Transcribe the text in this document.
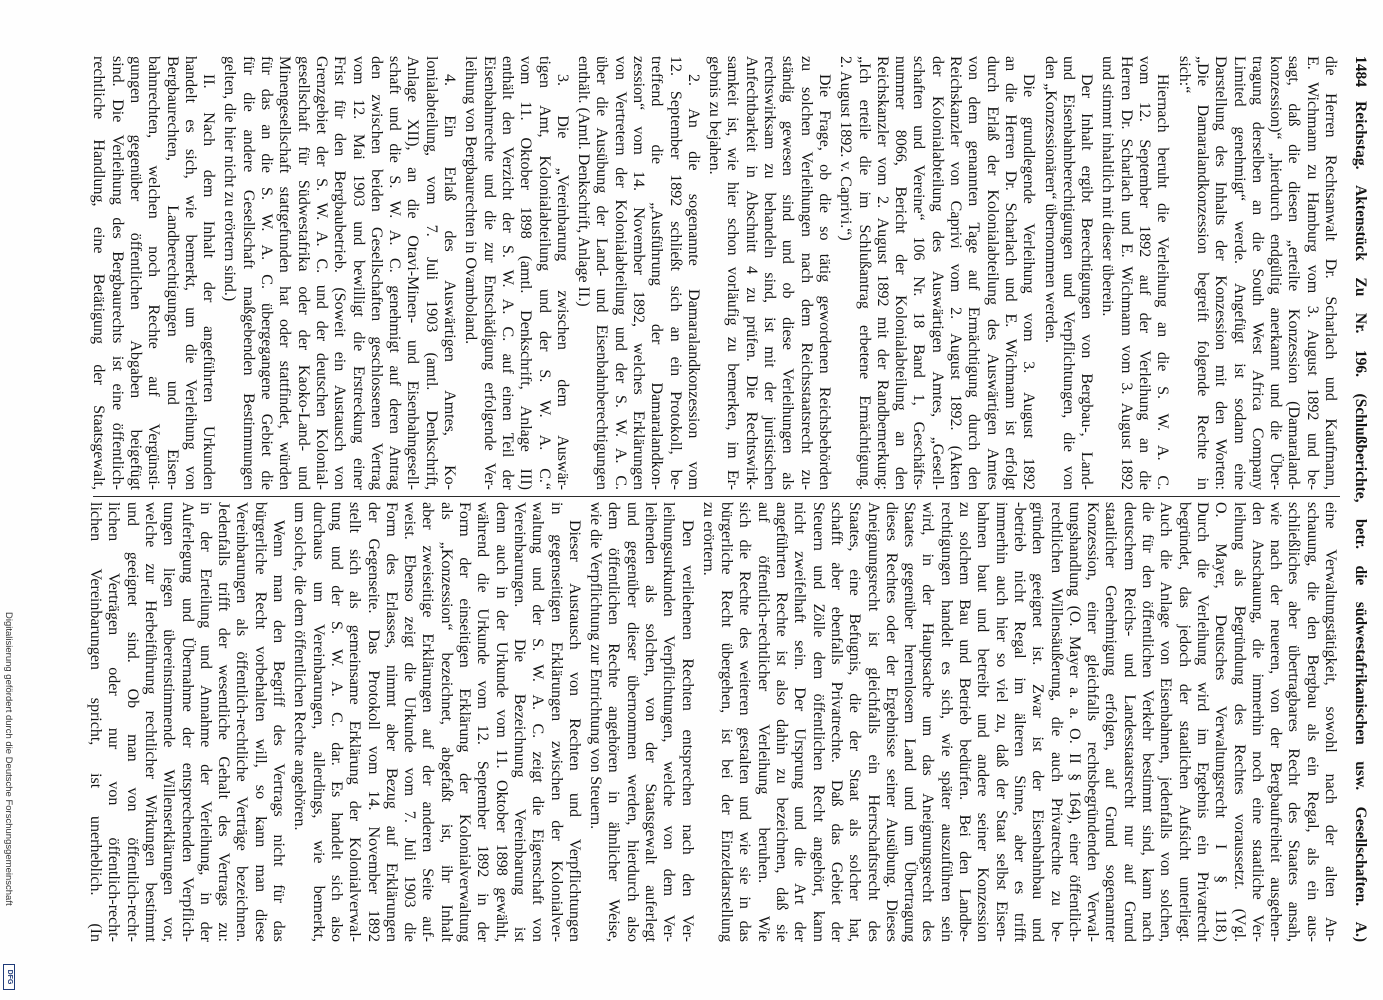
1484
Reichstag. Aktenstück Zu Nr. 196. (Schlußberichte, betr. die südwestafrikanischen usw. Gesellschaften. A.)
die Herren Rechtsanwalt Dr. Scharlach und Kaufmann,
E. Wichmann zu Hamburg vom 3. August 1892 und be-
sagt, daß die diesen „erteilte Konzession (Damaraland-
konzession)“ „hierdurch endgültig anerkannt und die Über-
tragung derselben an die South West Africa Company
Limited genehmigt“ werde. Angefügt ist sodann eine
Darstellung des Inhalts der Konzession mit den Worten:
„Die Damaralandkonzession begreift folgende Rechte in
sich:“
Hiernach beruht die Verleihung an die S. W. A. C.
vom 12. September 1892 auf der Verleihung an die
Herren Dr. Scharlach und E. Wichmann vom 3. August 1892
und stimmt inhaltlich mit dieser überein.
Der Inhalt ergibt Berechtigungen von Bergbau-, Land-
und Eisenbahnberechtigungen und Verpflichtungen, die von
den „Konzessionären“ übernommen werden.
Die grundlegende Verleihung vom 3. August 1892
an die Herren Dr. Scharlach und E. Wichmann ist erfolgt
durch Erlaß der Kolonialabteilung des Auswärtigen Amtes
von dem genannten Tage auf Ermächtigung durch den
Reichskanzler von Caprivi vom 2. August 1892. (Akten
der Kolonialabteilung des Auswärtigen Amtes, „Gesell-
schaften und Vereine“ 106 Nr. 18 Band 1, Geschäfts-
nummer 8066, Bericht der Kolonialabteilung an den
Reichskanzler vom 2. August 1892 mit der Randbemerkung:
„Ich erteile die im Schlußantrag erbetene Ermächtigung.
2. August 1892. v. Caprivi.“)
Die Frage, ob die so tätig gewordenen Reichsbehörden
zu solchen Verleihungen nach dem Reichsstaatsrecht zu-
ständig gewesen sind und ob diese Verleihungen als
rechtswirksam zu behandeln sind, ist mit der juristischen
Anfechtbarkeit in Abschnitt 4 zu prüfen. Die Rechtswirk-
samkeit ist, wie hier schon vorläufig zu bemerken, im Er-
gebnis zu bejahen.
2. An die sogenannte Damaralandkonzession vom
12. September 1892 schließt sich an ein Protokoll, be-
treffend die „Ausführung der Damaralandkon-
zession“ vom 14. November 1892, welches Erklärungen
von Vertretern der Kolonialabteilung und der S. W. A. C.
über die Ausübung der Land- und Eisenbahnberechtigungen
enthält. (Amtl. Denkschrift, Anlage II.)
3. Die „Vereinbarung zwischen dem Auswär-
tigen Amt, Kolonialabteilung und der S. W. A. C.“
vom 11. Oktober 1898 (amtl. Denkschrift, Anlage III)
enthält den Verzicht der S. W. A. C. auf einen Teil der
Eisenbahnrechte und die zur Entschädigung erfolgende Ver-
leihung von Bergbaurechten in Ovamboland.
4. Ein Erlaß des Auswärtigen Amtes, Ko-
lonialabteilung, vom 7. Juli 1903 (amtl. Denkschrift,
Anlage XII), an die Otavi-Minen- und Eisenbahngesell-
schaft und die S. W. A. C. genehmigt auf deren Antrag
den zwischen beiden Gesellschaften geschlossenen Vertrag
vom 12. Mai 1903 und bewilligt die Erstreckung einer
Frist für den Bergbaubetrieb. (Soweit ein Austausch von
Grenzgebiet der S. W. A. C. und der deutschen Kolonial-
gesellschaft für Südwestafrika oder der Kaoko-Land- und
Minengesellschaft stattgefunden hat oder stattfindet, würden
für das an die S. W. A. C. übergegangene Gebiet die
für die andere Gesellschaft maßgebenden Bestimmungen
gelten, die hier nicht zu erörtern sind.)
II. Nach dem Inhalt der angeführten Urkunden
handelt es sich, wie bemerkt, um die Verleihung von
Bergbaurechten, Landberechtigungen und Eisen-
bahnrechten, welchen noch Rechte auf Vergünsti-
gungen gegenüber öffentlichen Abgaben beigefügt
sind. Die Verleihung des Bergbaurechts ist eine öffentlich-
rechtliche Handlung, eine Betätigung der Staatsgewalt,
eine Verwaltungstätigkeit, sowohl nach der alten An-
schauung, die den Bergbau als ein Regal, als ein aus-
schließliches aber übertragbares Recht des Staates ansah,
wie nach der neueren, von der Bergbaufreiheit ausgehen-
den Anschauung, die immerhin noch eine staatliche Ver-
leihung als Begründung des Rechtes voraussetzt. (Vgl.
O. Mayer, Deutsches Verwaltungsrecht I § 118.)
Durch die Verleihung wird im Ergebnis ein Privatrecht
begründet, das jedoch der staatlichen Aufsicht unterliegt.
Auch die Anlage von Eisenbahnen, jedenfalls von solchen,
die für den öffentlichen Verkehr bestimmt sind, kann nach
deutschem Reichs- und Landesstaatsrecht nur auf Grund
staatlicher Genehmigung erfolgen, auf Grund sogenannter
Konzession, einer gleichfalls rechtsbegründenden Verwal-
tungshandlung (O. Mayer a. a. O. II § 164), einer öffentlich-
rechtlichen Willensäußerung, die auch Privatrechte zu be-
gründen geeignet ist. Zwar ist der Eisenbahnbau und
-betrieb nicht Regal im älteren Sinne, aber es trifft
immerhin auch hier so viel zu, daß der Staat selbst Eisen-
bahnen baut und betreibt und andere seiner Konzession
zu solchem Bau und Betrieb bedürfen. Bei den Landbe-
rechtigungen handelt es sich, wie später auszuführen sein
wird, in der Hauptsache um das Aneignungsrecht des
Staates gegenüber herrenlosem Land und um Übertragung
dieses Rechtes oder der Ergebnisse seiner Ausübung. Dieses
Aneignungsrecht ist gleichfalls ein Herrschaftsrecht des
Staates, eine Befugnis, die der Staat als solcher hat,
schafft aber ebenfalls Privatrechte. Daß das Gebiet der
Steuern und Zölle dem öffentlichen Recht angehört, kann
nicht zweifelhaft sein. Der Ursprung und die Art der
angeführten Rechte ist also dahin zu bezeichnen, daß sie
auf öffentlich-rechtlicher Verleihung beruhen. Wie
sich die Rechte des weiteren gestalten und wie sie in das
bürgerliche Recht übergehen, ist bei der Einzeldarstellung
zu erörtern.
Den verliehenen Rechten entsprechen nach den Ver-
leihungsurkunden Verpflichtungen, welche von dem Ver-
leihenden als solchen, von der Staatsgewalt auferlegt
und gegenüber dieser übernommen werden, hierdurch also
dem öffentlichen Rechte angehören in ähnlicher Weise,
wie die Verpflichtung zur Entrichtung von Steuern.
Dieser Austausch von Rechten und Verpflichtungen
in gegenseitigen Erklärungen zwischen der Kolonialver-
waltung und der S. W. A. C. zeigt die Eigenschaft von
Vereinbarungen. Die Bezeichnung Vereinbarung ist
denn auch in der Urkunde vom 11. Oktober 1898 gewählt,
während die Urkunde vom 12. September 1892 in der
Form der einseitigen Erklärung der Kolonialverwaltung
als „Konzession“ bezeichnet, abgefaßt ist, ihr Inhalt
aber zweiseitige Erklärungen auf der anderen Seite auf-
weist. Ebenso zeigt die Urkunde vom 7. Juli 1903 die
Form des Erlasses, nimmt aber Bezug auf Erklärungen
der Gegenseite. Das Protokoll vom 14. November 1892
stellt sich als gemeinsame Erklärung der Kolonialverwal-
tung und der S. W. A. C. dar. Es handelt sich also
durchaus um Vereinbarungen, allerdings, wie bemerkt,
um solche, die dem öffentlichen Rechte angehören.
Wenn man den Begriff des Vertrags nicht für das
bürgerliche Recht vorbehalten will, so kann man diese
Vereinbarungen als öffentlich-rechtliche Verträge bezeichnen.
Jedenfalls trifft der wesentliche Gehalt des Vertrags zu:
in der Erteilung und Annahme der Verleihung, in der
Auferlegung und Übernahme der entsprechenden Verpflich-
tungen liegen übereinstimmende Willenserklärungen vor,
welche zur Herbeiführung rechtlicher Wirkungen bestimmt
und geeignet sind. Ob man von öffentlich-recht-
lichen Verträgen oder nur von öffentlich-recht-
lichen Vereinbarungen spricht, ist unerheblich. (In
Digitalisierung gefördert durch die Deutsche Forschungsgemeinschaft
DFG
